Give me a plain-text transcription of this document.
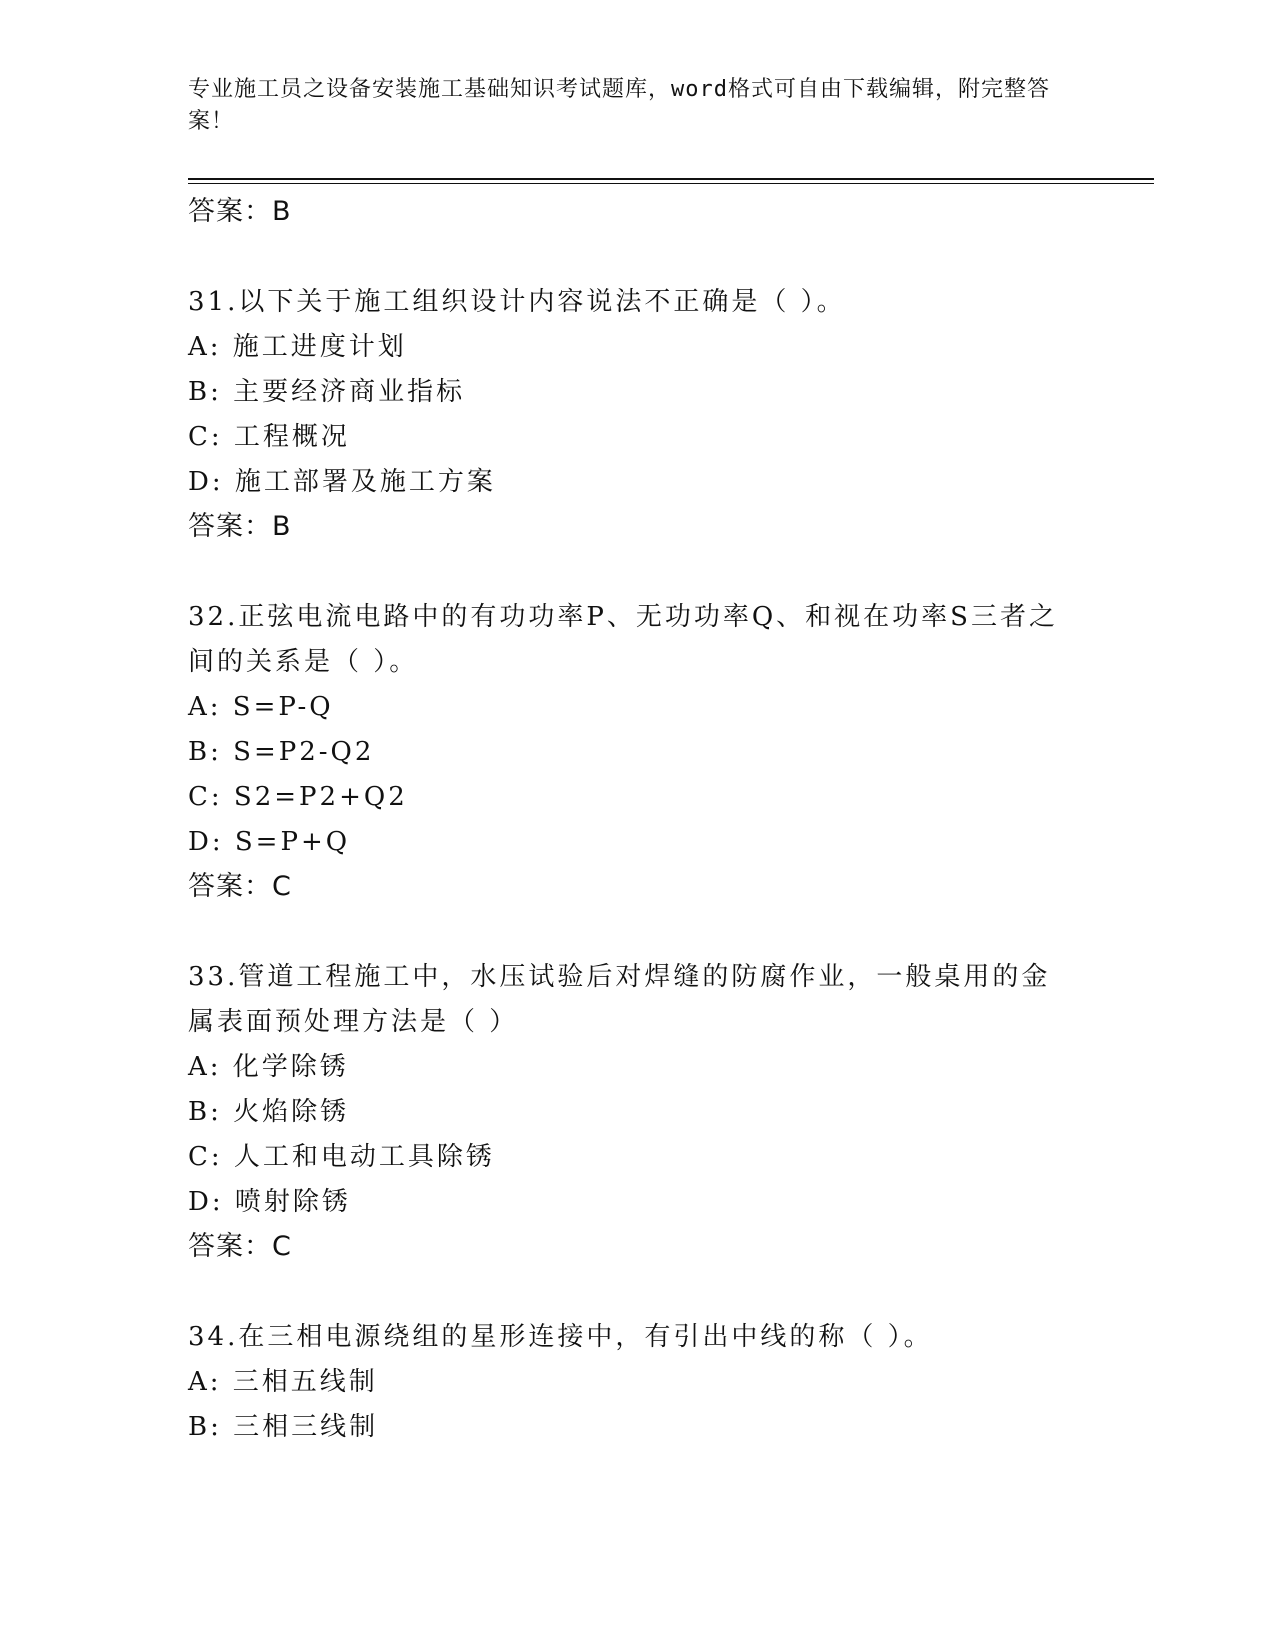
专业施工员之设备安装施工基础知识考试题库，word格式可自由下载编辑，附完整答案！
答案：B
31.以下关于施工组织设计内容说法不正确是（ ）。
A: 施工进度计划
B: 主要经济商业指标
C: 工程概况
D: 施工部署及施工方案
答案：B
32.正弦电流电路中的有功功率P、无功功率Q、和视在功率S三者之间的关系是（ ）。
A: S=P-Q
B: S=P2-Q2
C: S2=P2+Q2
D: S=P+Q
答案：C
33.管道工程施工中，水压试验后对焊缝的防腐作业，一般桌用的金属表面预处理方法是（ ）
A: 化学除锈
B: 火焰除锈
C: 人工和电动工具除锈
D: 喷射除锈
答案：C
34.在三相电源绕组的星形连接中，有引出中线的称（ ）。
A: 三相五线制
B: 三相三线制
